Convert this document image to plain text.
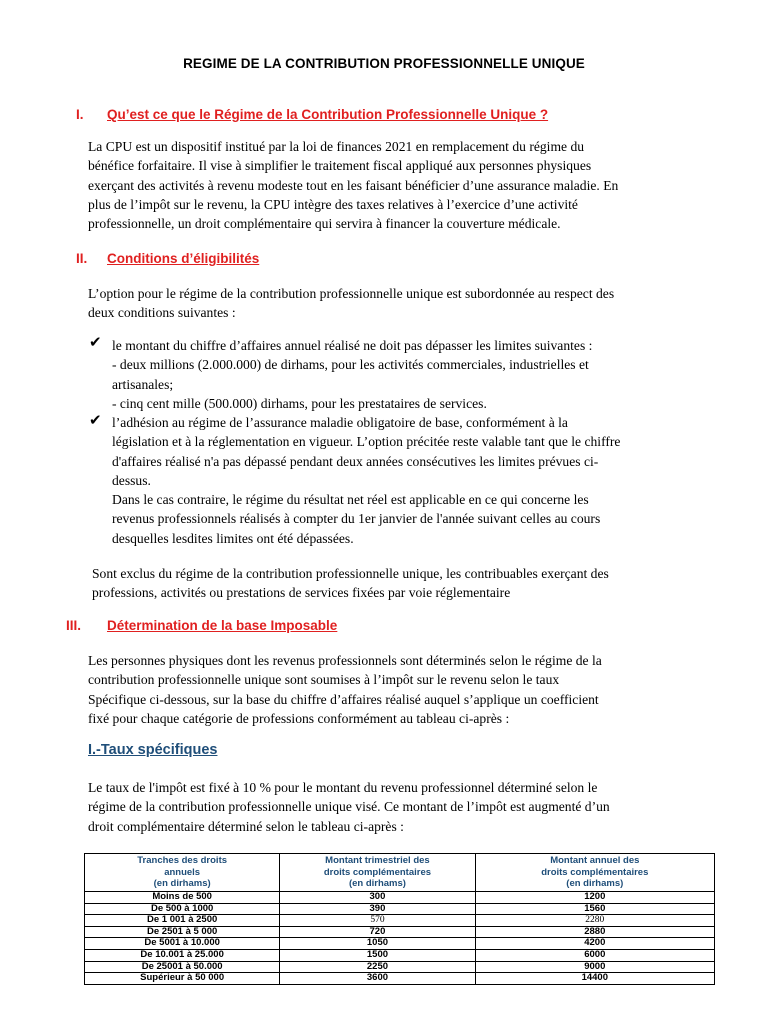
REGIME DE LA CONTRIBUTION PROFESSIONNELLE UNIQUE
I. Qu’est ce que le Régime de la Contribution Professionnelle Unique ?
La CPU est un dispositif institué par la loi de finances 2021 en remplacement du régime du
bénéfice forfaitaire. Il vise à simplifier le traitement fiscal appliqué aux personnes physiques
exerçant des activités à revenu modeste tout en les faisant bénéficier d’une assurance maladie. En
plus de l’impôt sur le revenu, la CPU intègre des taxes relatives à l’exercice d’une activité
professionnelle, un droit complémentaire qui servira à financer la couverture médicale.
II. Conditions d’éligibilités
L’option pour le régime de la contribution professionnelle unique est subordonnée au respect des
deux conditions suivantes :
✔ le montant du chiffre d’affaires annuel réalisé ne doit pas dépasser les limites suivantes :
- deux millions (2.000.000) de dirhams, pour les activités commerciales, industrielles et
artisanales;
- cinq cent mille (500.000) dirhams, pour les prestataires de services.
✔ l’adhésion au régime de l’assurance maladie obligatoire de base, conformément à la
législation et à la réglementation en vigueur. L’option précitée reste valable tant que le chiffre
d'affaires réalisé n'a pas dépassé pendant deux années consécutives les limites prévues ci-
dessus.
Dans le cas contraire, le régime du résultat net réel est applicable en ce qui concerne les
revenus professionnels réalisés à compter du 1er janvier de l'année suivant celles au cours
desquelles lesdites limites ont été dépassées.
Sont exclus du régime de la contribution professionnelle unique, les contribuables exerçant des
professions, activités ou prestations de services fixées par voie réglementaire
III. Détermination de la base Imposable
Les personnes physiques dont les revenus professionnels sont déterminés selon le régime de la
contribution professionnelle unique sont soumises à l’impôt sur le revenu selon le taux
Spécifique ci-dessous, sur la base du chiffre d’affaires réalisé auquel s’applique un coefficient
fixé pour chaque catégorie de professions conformément au tableau ci-après :
I.-Taux spécifiques
Le taux de l'impôt est fixé à 10 % pour le montant du revenu professionnel déterminé selon le
régime de la contribution professionnelle unique visé. Ce montant de l’impôt est augmenté d’un
droit complémentaire déterminé selon le tableau ci-après :
Tranches des droits
annuels
(en dirhams)	Montant trimestriel des
droits complémentaires
(en dirhams)	Montant annuel des
droits complémentaires
(en dirhams)
Moins de 500	300	1200
De 500 à 1000	390	1560
De 1 001 à 2500	570	2280
De 2501 à 5 000	720	2880
De 5001 à 10.000	1050	4200
De 10.001 à 25.000	1500	6000
De 25001 à 50.000	2250	9000
Supérieur à 50 000	3600	14400
